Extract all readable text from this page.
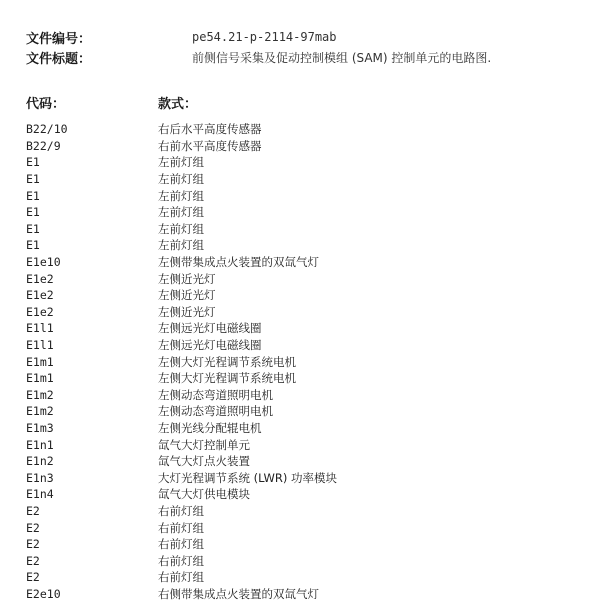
文件编号：	pe54.21-p-2114-97mab
文件标题：	前侧信号采集及促动控制模组 (SAM) 控制单元的电路图.
代码：	款式：
B22/10	右后水平高度传感器
B22/9	右前水平高度传感器
E1	左前灯组
E1	左前灯组
E1	左前灯组
E1	左前灯组
E1	左前灯组
E1	左前灯组
E1e10	左侧带集成点火装置的双氙气灯
E1e2	左侧近光灯
E1e2	左侧近光灯
E1e2	左侧近光灯
E1l1	左侧远光灯电磁线圈
E1l1	左侧远光灯电磁线圈
E1m1	左侧大灯光程调节系统电机
E1m1	左侧大灯光程调节系统电机
E1m2	左侧动态弯道照明电机
E1m2	左侧动态弯道照明电机
E1m3	左侧光线分配辊电机
E1n1	氙气大灯控制单元
E1n2	氙气大灯点火装置
E1n3	大灯光程调节系统 (LWR) 功率模块
E1n4	氙气大灯供电模块
E2	右前灯组
E2	右前灯组
E2	右前灯组
E2	右前灯组
E2	右前灯组
E2e10	右侧带集成点火装置的双氙气灯
